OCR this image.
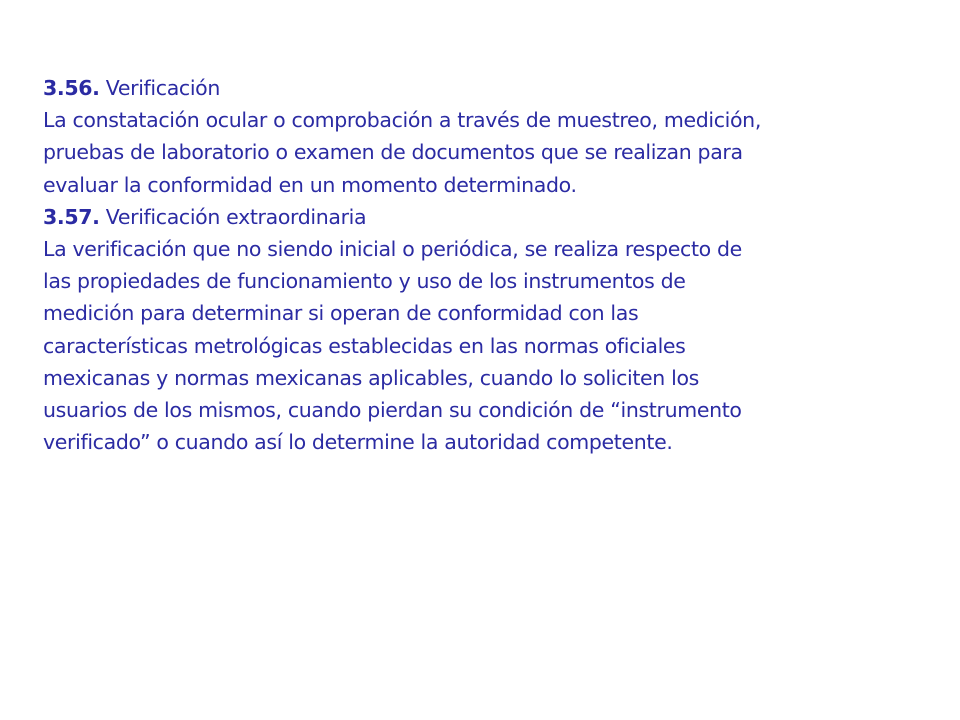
3.56. Verificación
La constatación ocular o comprobación a través de muestreo, medición,
pruebas de laboratorio o examen de documentos que se realizan para
evaluar la conformidad en un momento determinado.
3.57. Verificación extraordinaria
La verificación que no siendo inicial o periódica, se realiza respecto de
las propiedades de funcionamiento y uso de los instrumentos de
medición para determinar si operan de conformidad con las
características metrológicas establecidas en las normas oficiales
mexicanas y normas mexicanas aplicables, cuando lo soliciten los
usuarios de los mismos, cuando pierdan su condición de “instrumento
verificado” o cuando así lo determine la autoridad competente.
